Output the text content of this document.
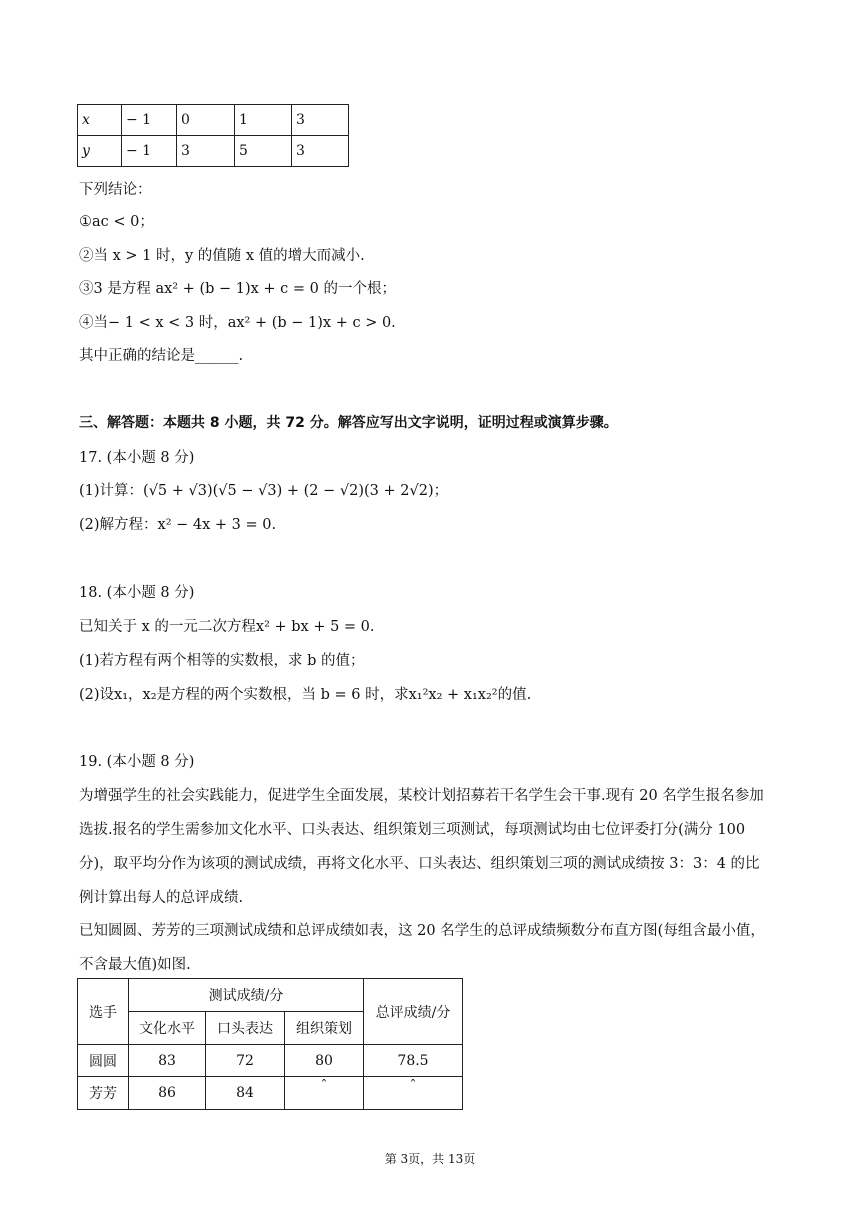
x	− 1	0	1	3
y	− 1	3	5	3
下列结论：
①ac < 0；
②当 x > 1 时，y 的值随 x 值的增大而减小.
③3 是方程 ax² + (b − 1)x + c = 0 的一个根；
④当− 1 < x < 3 时，ax² + (b − 1)x + c > 0.
其中正确的结论是______.
三、解答题：本题共 8 小题，共 72 分。解答应写出文字说明，证明过程或演算步骤。
17. (本小题 8 分)
(1)计算：(√5 + √3)(√5 − √3) + (2 − √2)(3 + 2√2)；
(2)解方程：x² − 4x + 3 = 0.
18. (本小题 8 分)
已知关于 x 的一元二次方程x² + bx + 5 = 0.
(1)若方程有两个相等的实数根，求 b 的值；
(2)设x₁，x₂是方程的两个实数根，当 b = 6 时，求x₁²x₂ + x₁x₂²的值.
19. (本小题 8 分)
为增强学生的社会实践能力，促进学生全面发展，某校计划招募若干名学生会干事.现有 20 名学生报名参加
选拔.报名的学生需参加文化水平、口头表达、组织策划三项测试，每项测试均由七位评委打分(满分 100
分)，取平均分作为该项的测试成绩，再将文化水平、口头表达、组织策划三项的测试成绩按 3：3：4 的比
例计算出每人的总评成绩.
已知圆圆、芳芳的三项测试成绩和总评成绩如表，这 20 名学生的总评成绩频数分布直方图(每组含最小值，
不含最大值)如图.
选手	测试成绩/分			总评成绩/分
	文化水平	口头表达	组织策划	
圆圆	83	72	80	78.5
芳芳	86	84	ˆ	ˆ
第 3页，共 13页
